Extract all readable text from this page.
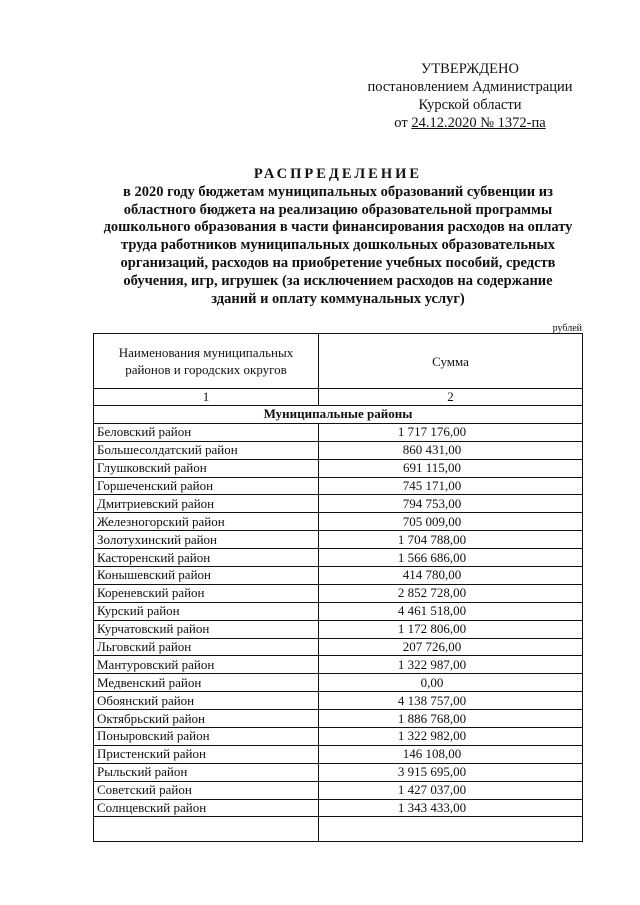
УТВЕРЖДЕНО
постановлением Администрации
Курской области
от 24.12.2020 № 1372-па
РАСПРЕДЕЛЕНИЕ
в 2020 году бюджетам муниципальных образований субвенции из
областного бюджета на реализацию образовательной программы
дошкольного образования в части финансирования расходов на оплату
труда работников муниципальных дошкольных образовательных
организаций, расходов на приобретение учебных пособий, средств
обучения, игр, игрушек (за исключением расходов на содержание
зданий и оплату коммунальных услуг)
рублей
Наименования муниципальных районов и городских округов	Сумма
1	2
Муниципальные районы	
Беловский район	1 717 176,00
Большесолдатский район	860 431,00
Глушковский район	691 115,00
Горшеченский район	745 171,00
Дмитриевский район	794 753,00
Железногорский район	705 009,00
Золотухинский район	1 704 788,00
Касторенский район	1 566 686,00
Конышевский район	414 780,00
Кореневский район	2 852 728,00
Курский район	4 461 518,00
Курчатовский район	1 172 806,00
Льговский район	207 726,00
Мантуровский район	1 322 987,00
Медвенский район	0,00
Обоянский район	4 138 757,00
Октябрьский район	1 886 768,00
Поныровский район	1 322 982,00
Пристенский район	146 108,00
Рыльский район	3 915 695,00
Советский район	1 427 037,00
Солнцевский район	1 343 433,00
